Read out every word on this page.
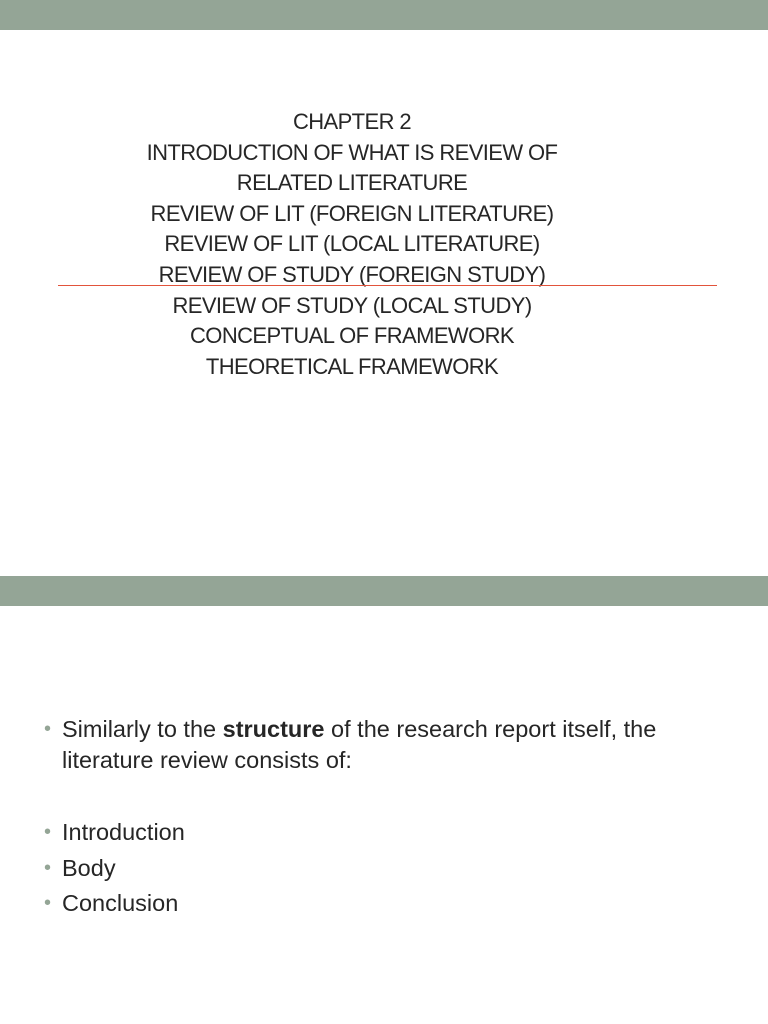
CHAPTER 2
INTRODUCTION OF WHAT IS REVIEW OF
RELATED LITERATURE
REVIEW OF LIT (FOREIGN LITERATURE)
REVIEW OF LIT (LOCAL LITERATURE)
REVIEW OF STUDY (FOREIGN STUDY)
REVIEW OF STUDY (LOCAL STUDY)
CONCEPTUAL OF FRAMEWORK
THEORETICAL FRAMEWORK
• Similarly to the structure of the research report itself, the literature review consists of:
• Introduction
• Body
• Conclusion
